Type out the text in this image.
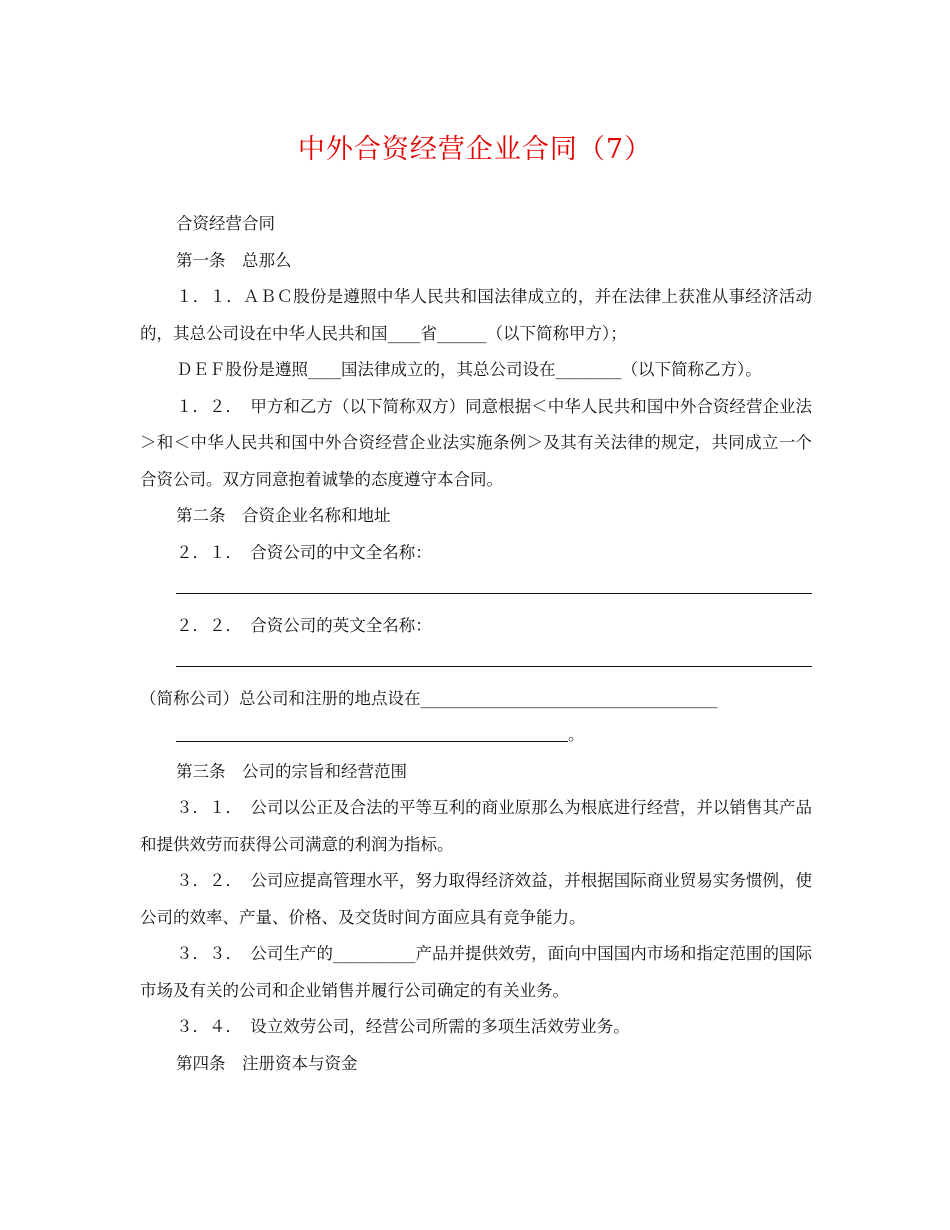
中外合资经营企业合同（7）

合资经营合同

第一条　总那么

１．１．ＡＢＣ股份是遵照中华人民共和国法律成立的，并在法律上获准从事经济活动的，其总公司设在中华人民共和国____省______（以下简称甲方）；

ＤＥＦ股份是遵照____国法律成立的，其总公司设在________（以下简称乙方）。

１．２．　甲方和乙方（以下简称双方）同意根据＜中华人民共和国中外合资经营企业法＞和＜中华人民共和国中外合资经营企业法实施条例＞及其有关法律的规定，共同成立一个合资公司。双方同意抱着诚挚的态度遵守本合同。

第二条　合资企业名称和地址

２．１．　合资公司的中文全名称：

２．２．　合资公司的英文全名称：

（简称公司）总公司和注册的地点设在____________________________________

。

第三条　公司的宗旨和经营范围

３．１．　公司以公正及合法的平等互利的商业原那么为根底进行经营，并以销售其产品和提供效劳而获得公司满意的利润为指标。

３．２．　公司应提高管理水平，努力取得经济效益，并根据国际商业贸易实务惯例，使公司的效率、产量、价格、及交货时间方面应具有竞争能力。

３．３．　公司生产的__________产品并提供效劳，面向中国国内市场和指定范围的国际市场及有关的公司和企业销售并履行公司确定的有关业务。

３．４．　设立效劳公司，经营公司所需的多项生活效劳业务。

第四条　注册资本与资金
